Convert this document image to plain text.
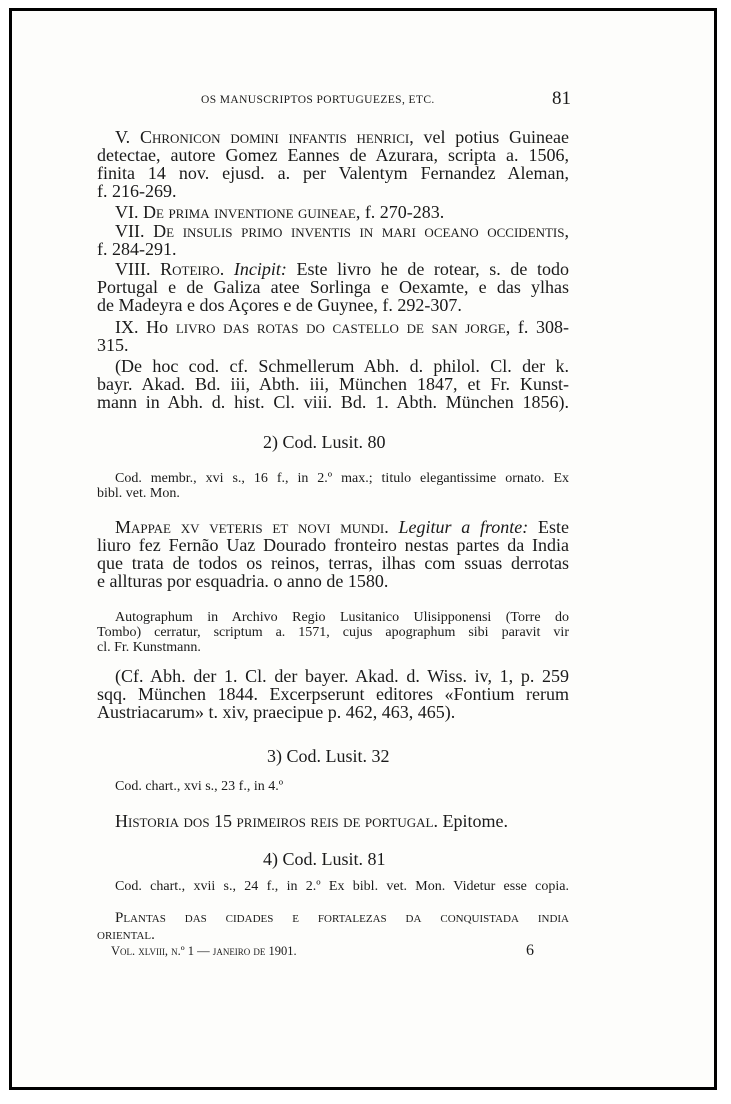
OS MANUSCRIPTOS PORTUGUEZES, ETC.	81
V. Chronicon domini infantis henrici, vel potius Guineae
detectae, autore Gomez Eannes de Azurara, scripta a. 1506,
finita 14 nov. ejusd. a. per Valentym Fernandez Aleman,
f. 216-269.
VI. De prima inventione guineae, f. 270-283.
VII. De insulis primo inventis in mari oceano occidentis,
f. 284-291.
VIII. Roteiro. Incipit: Este livro he de rotear, s. de todo
Portugal e de Galiza atee Sorlinga e Oexamte, e das ylhas
de Madeyra e dos Açores e de Guynee, f. 292-307.
IX. Ho livro das rotas do castello de san jorge, f. 308-
315.
(De hoc cod. cf. Schmellerum Abh. d. philol. Cl. der k.
bayr. Akad. Bd. iii, Abth. iii, München 1847, et Fr. Kunst-
mann in Abh. d. hist. Cl. viii. Bd. 1. Abth. München 1856).
2) Cod. Lusit. 80
Cod. membr., xvi s., 16 f., in 2.º max.; titulo elegantissime ornato. Ex
bibl. vet. Mon.
Mappae xv veteris et novi mundi. Legitur a fronte: Este
liuro fez Fernão Uaz Dourado fronteiro nestas partes da India
que trata de todos os reinos, terras, ilhas com ssuas derrotas
e allturas por esquadria. o anno de 1580.
Autographum in Archivo Regio Lusitanico Ulisipponensi (Torre do
Tombo) cerratur, scriptum a. 1571, cujus apographum sibi paravit vir
cl. Fr. Kunstmann.
(Cf. Abh. der 1. Cl. der bayer. Akad. d. Wiss. iv, 1, p. 259
sqq. München 1844. Excerpserunt editores «Fontium rerum
Austriacarum» t. xiv, praecipue p. 462, 463, 465).
3) Cod. Lusit. 32
Cod. chart., xvi s., 23 f., in 4.º
Historia dos 15 primeiros reis de portugal. Epitome.
4) Cod. Lusit. 81
Cod. chart., xvii s., 24 f., in 2.º Ex bibl. vet. Mon. Videtur esse copia.
Plantas das cidades e fortalezas da conquistada india
oriental.
Vol. xlviii, n.º 1 — janeiro de 1901.	6
